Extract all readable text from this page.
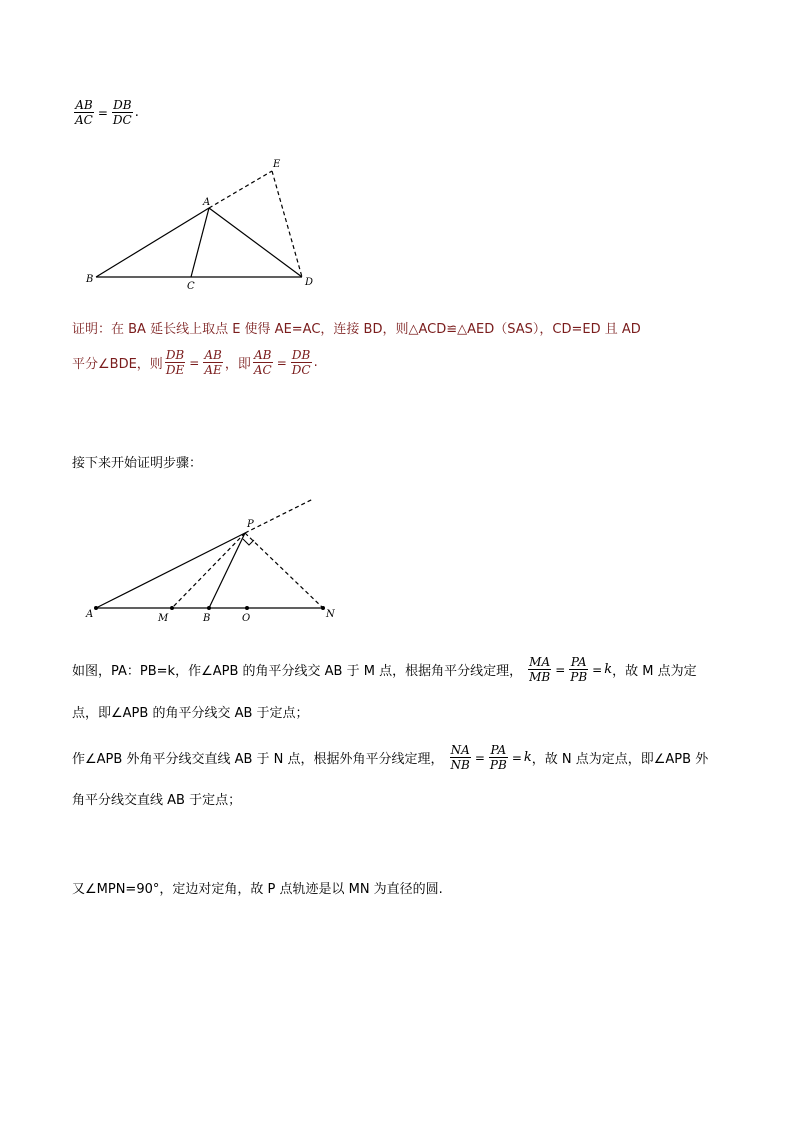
$\frac{AB}{AC} = \frac{DB}{DC}$ .
A
B
C	D
E
证明：在 BA 延长线上取点 E 使得 AE=AC，连接 BD，则△ACD≌△AED（SAS），CD=ED 且 AD
平分∠BDE，则 $\frac{DB}{DE} = \frac{AB}{AE}$ ，即 $\frac{AB}{AC} = \frac{DB}{DC}$ .
接下来开始证明步骤：
P
A	M	B	O	N
如图，PA：PB=k，作∠APB 的角平分线交 AB 于 M 点，根据角平分线定理， $\frac{MA}{MB} = \frac{PA}{PB} = k$ ，故 M 点为定
点，即∠APB 的角平分线交 AB 于定点；
作∠APB 外角平分线交直线 AB 于 N 点，根据外角平分线定理， $\frac{NA}{NB} = \frac{PA}{PB} = k$ ，故 N 点为定点，即∠APB 外
角平分线交直线 AB 于定点；
又∠MPN=90°，定边对定角，故 P 点轨迹是以 MN 为直径的圆.
